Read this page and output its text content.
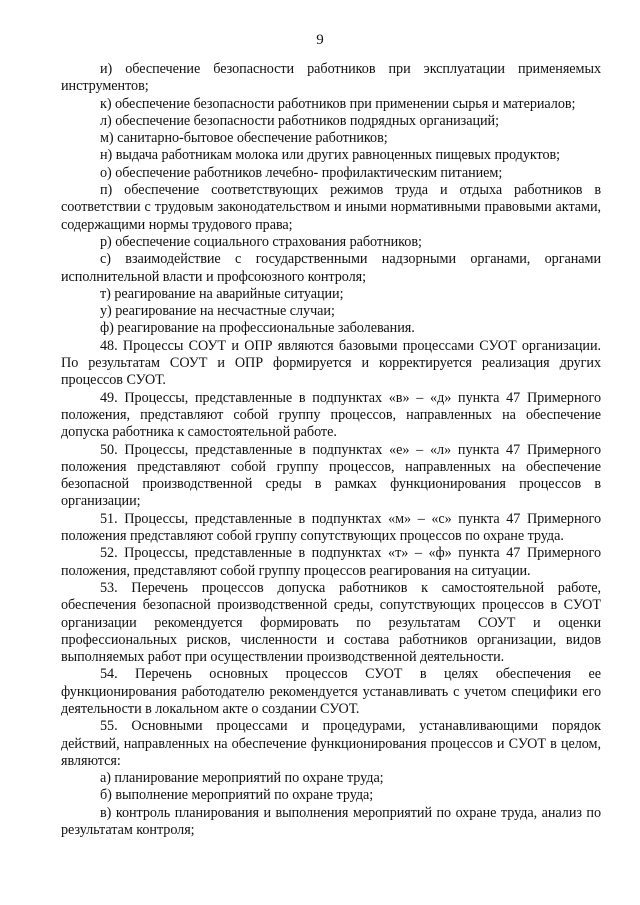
9

и) обеспечение безопасности работников при эксплуатации применяемых инструментов;

к) обеспечение безопасности работников при применении сырья и материалов;

л) обеспечение безопасности работников подрядных организаций;

м) санитарно-бытовое обеспечение работников;

н) выдача работникам молока или других равноценных пищевых продуктов;

о) обеспечение работников лечебно- профилактическим питанием;

п) обеспечение соответствующих режимов труда и отдыха работников в соответствии с трудовым законодательством и иными нормативными правовыми актами, содержащими нормы трудового права;

р) обеспечение социального страхования работников;

с) взаимодействие с государственными надзорными органами, органами исполнительной власти и профсоюзного контроля;

т) реагирование на аварийные ситуации;

у) реагирование на несчастные случаи;

ф) реагирование на профессиональные заболевания.

48. Процессы СОУТ и ОПР являются базовыми процессами СУОТ организации. По результатам СОУТ и ОПР формируется и корректируется реализация других процессов СУОТ.

49. Процессы, представленные в подпунктах «в» – «д» пункта 47 Примерного положения, представляют собой группу процессов, направленных на обеспечение допуска работника к самостоятельной работе.

50. Процессы, представленные в подпунктах «е» – «л» пункта 47 Примерного положения представляют собой группу процессов, направленных на обеспечение безопасной производственной среды в рамках функционирования процессов в организации;

51. Процессы, представленные в подпунктах «м» – «с» пункта 47 Примерного положения представляют собой группу сопутствующих процессов по охране труда.

52. Процессы, представленные в подпунктах «т» – «ф» пункта 47 Примерного положения, представляют собой группу процессов реагирования на ситуации.

53. Перечень процессов допуска работников к самостоятельной работе, обеспечения безопасной производственной среды, сопутствующих процессов в СУОТ организации рекомендуется формировать по результатам СОУТ и оценки профессиональных рисков, численности и состава работников организации, видов выполняемых работ при осуществлении производственной деятельности.

54. Перечень основных процессов СУОТ в целях обеспечения ее функционирования работодателю рекомендуется устанавливать с учетом специфики его деятельности в локальном акте о создании СУОТ.

55. Основными процессами и процедурами, устанавливающими порядок действий, направленных на обеспечение функционирования процессов и СУОТ в целом, являются:

а) планирование мероприятий по охране труда;

б) выполнение мероприятий по охране труда;

в) контроль планирования и выполнения мероприятий по охране труда, анализ по результатам контроля;
